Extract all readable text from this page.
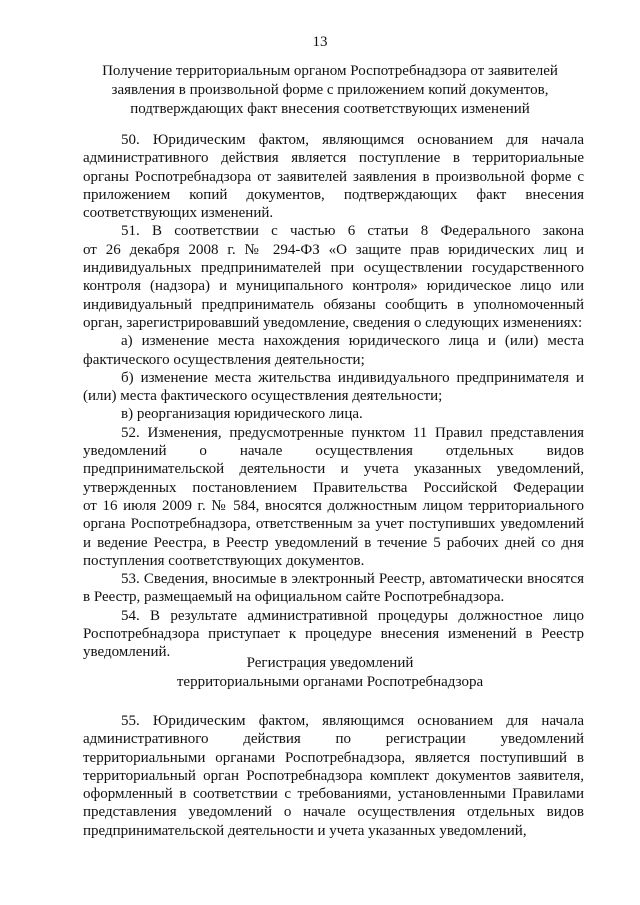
13
Получение территориальным органом Роспотребнадзора от заявителей
заявления в произвольной форме с приложением копий документов,
подтверждающих факт внесения соответствующих изменений
50. Юридическим фактом, являющимся основанием для начала
административного действия является поступление в территориальные
органы Роспотребнадзора от заявителей заявления в произвольной форме с
приложением копий документов, подтверждающих факт внесения
соответствующих изменений.
51. В соответствии с частью 6 статьи 8 Федерального закона
от 26 декабря 2008 г. № 294-ФЗ «О защите прав юридических лиц и
индивидуальных предпринимателей при осуществлении государственного
контроля (надзора) и муниципального контроля» юридическое лицо или
индивидуальный предприниматель обязаны сообщить в уполномоченный
орган, зарегистрировавший уведомление, сведения о следующих изменениях:
а) изменение места нахождения юридического лица и (или) места
фактического осуществления деятельности;
б) изменение места жительства индивидуального предпринимателя и
(или) места фактического осуществления деятельности;
в) реорганизация юридического лица.
52. Изменения, предусмотренные пунктом 11 Правил представления
уведомлений о начале осуществления отдельных видов
предпринимательской деятельности и учета указанных уведомлений,
утвержденных постановлением Правительства Российской Федерации
от 16 июля 2009 г. № 584, вносятся должностным лицом территориального
органа Роспотребнадзора, ответственным за учет поступивших уведомлений
и ведение Реестра, в Реестр уведомлений в течение 5 рабочих дней со дня
поступления соответствующих документов.
53. Сведения, вносимые в электронный Реестр, автоматически вносятся
в Реестр, размещаемый на официальном сайте Роспотребнадзора.
54. В результате административной процедуры должностное лицо
Роспотребнадзора приступает к процедуре внесения изменений в Реестр
уведомлений.
Регистрация уведомлений
территориальными органами Роспотребнадзора
55. Юридическим фактом, являющимся основанием для начала
административного действия по регистрации уведомлений
территориальными органами Роспотребнадзора, является поступивший в
территориальный орган Роспотребнадзора комплект документов заявителя,
оформленный в соответствии с требованиями, установленными Правилами
представления уведомлений о начале осуществления отдельных видов
предпринимательской деятельности и учета указанных уведомлений,
